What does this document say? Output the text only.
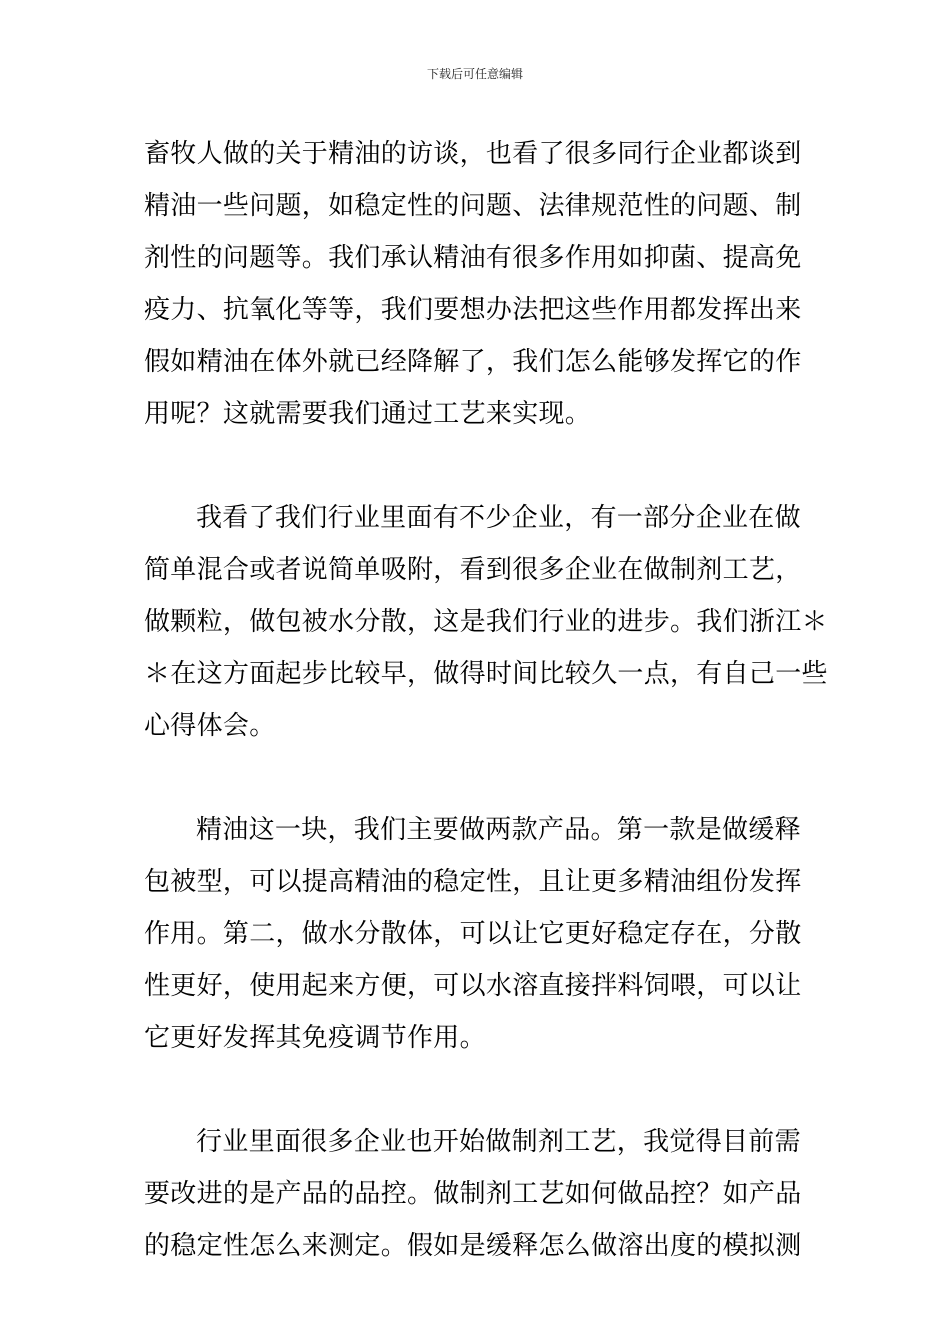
下载后可任意编辑
畜牧人做的关于精油的访谈，也看了很多同行企业都谈到
精油一些问题，如稳定性的问题、法律规范性的问题、制
剂性的问题等。我们承认精油有很多作用如抑菌、提高免
疫力、抗氧化等等，我们要想办法把这些作用都发挥出来
假如精油在体外就已经降解了，我们怎么能够发挥它的作
用呢？这就需要我们通过工艺来实现。
我看了我们行业里面有不少企业，有一部分企业在做
简单混合或者说简单吸附，看到很多企业在做制剂工艺，
做颗粒，做包被水分散，这是我们行业的进步。我们浙江＊
＊在这方面起步比较早，做得时间比较久一点，有自己一些
心得体会。
精油这一块，我们主要做两款产品。第一款是做缓释
包被型，可以提高精油的稳定性，且让更多精油组份发挥
作用。第二，做水分散体，可以让它更好稳定存在，分散
性更好，使用起来方便，可以水溶直接拌料饲喂，可以让
它更好发挥其免疫调节作用。
行业里面很多企业也开始做制剂工艺，我觉得目前需
要改进的是产品的品控。做制剂工艺如何做品控？如产品
的稳定性怎么来测定。假如是缓释怎么做溶出度的模拟测
